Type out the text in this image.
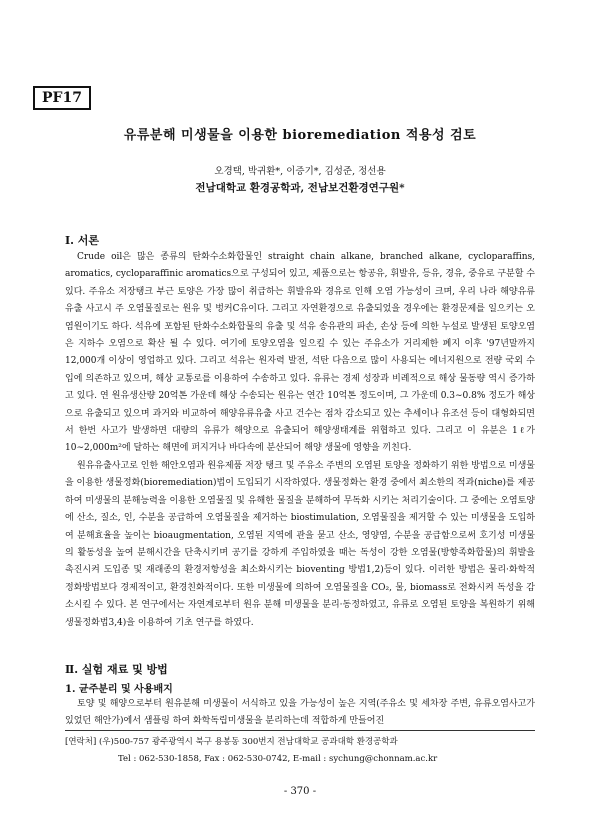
PF17
유류분해 미생물을 이용한 bioremediation 적용성 검토
오경택, 박귀환*, 이증기*, 김성준, 정선용
전남대학교 환경공학과, 전남보건환경연구원*
Ⅰ. 서론

Crude oil은 많은 종류의 탄화수소화합물인 straight chain alkane, branched alkane, cycloparaffins, aromatics, cycloparaffinic aromatics으로 구성되어 있고, 제품으로는 항공유, 휘발유, 등유, 경유, 중유로 구분할 수 있다. 주유소 저장탱크 부근 토양은 가장 많이 취급하는 휘발유와 경유로 인해 오염 가능성이 크며, 우리 나라 해양유류 유출 사고시 주 오염물질로는 원유 및 벙커C유이다. 그리고 자연환경으로 유출되었을 경우에는 환경문제를 일으키는 오염원이기도 하다. 석유에 포함된 탄화수소화합물의 유출 및 석유 송유관의 파손, 손상 등에 의한 누설로 발생된 토양오염은 지하수 오염으로 확산 될 수 있다. 여기에 토양오염을 일으킬 수 있는 주유소가 거리제한 폐지 이후 '97년말까지 12,000개 이상이 영업하고 있다. 그리고 석유는 원자력 발전, 석탄 다음으로 많이 사용되는 에너지원으로 전량 국외 수입에 의존하고 있으며, 해상 교통로를 이용하여 수송하고 있다. 유류는 경제 성장과 비례적으로 해상 물동량 역시 증가하고 있다. 연 원유생산량 20억톤 가운데 해상 수송되는 원유는 연간 10억톤 정도이며, 그 가운데 0.3∼0.8% 정도가 해상으로 유출되고 있으며 과거와 비교하여 해양유류유출 사고 건수는 점차 감소되고 있는 추세이나 유조선 등이 대형화되면서 한번 사고가 발생하면 대량의 유류가 해양으로 유출되어 해양생태계를 위협하고 있다. 그리고 이 유분은 1ℓ가 10∼2,000m²에 달하는 해면에 퍼지거나 바다속에 분산되어 해양 생물에 영향을 끼친다.

원유유출사고로 인한 해안오염과 원유제품 저장 탱크 및 주유소 주변의 오염된 토양을 정화하기 위한 방법으로 미생물을 이용한 생물정화(bioremediation)법이 도입되기 시작하였다. 생물정화는 환경 중에서 최소한의 적과(niche)를 제공하여 미생물의 분해능력을 이용한 오염물질 및 유해한 물질을 분해하여 무독화 시키는 처리기술이다. 그 중에는 오염토양에 산소, 질소, 인, 수분을 공급하여 오염물질을 제거하는 biostimulation, 오염물질을 제거할 수 있는 미생물을 도입하여 분해효율을 높이는 bioaugmentation, 오염된 지역에 관을 묻고 산소, 영양염, 수분을 공급함으로써 호기성 미생물의 활동성을 높여 분해시간을 단축시키며 공기를 강하게 주입하였을 때는 독성이 강한 오염물(방향족화합물)의 휘발을 촉진시켜 도입종 및 재래종의 환경저항성을 최소화시키는 bioventing 방법1,2)등이 있다. 이러한 방법은 물리·화학적 정화방법보다 경제적이고, 환경친화적이다. 또한 미생물에 의하여 오염물질을 CO₂, 물, biomass로 전화시켜 독성을 감소시킬 수 있다. 본 연구에서는 자연계로부터 원유 분해 미생물을 분리·동정하였고, 유류로 오염된 토양을 복원하기 위해 생물정화법3,4)을 이용하여 기초 연구를 하였다.

Ⅱ. 실험 재료 및 방법
1. 균주분리 및 사용배지

토양 및 해양으로부터 원유분해 미생물이 서식하고 있을 가능성이 높은 지역(주유소 및 세차장 주변, 유류오염사고가 있었던 해안가)에서 샘플링 하여 화학독립미생물을 분리하는데 적합하게 만들어진

[연락처] (우)500-757 광주광역시 북구 용봉동 300번지 전남대학교 공과대학 환경공학과
Tel : 062-530-1858, Fax : 062-530-0742, E-mail : sychung@chonnam.ac.kr
- 370 -
